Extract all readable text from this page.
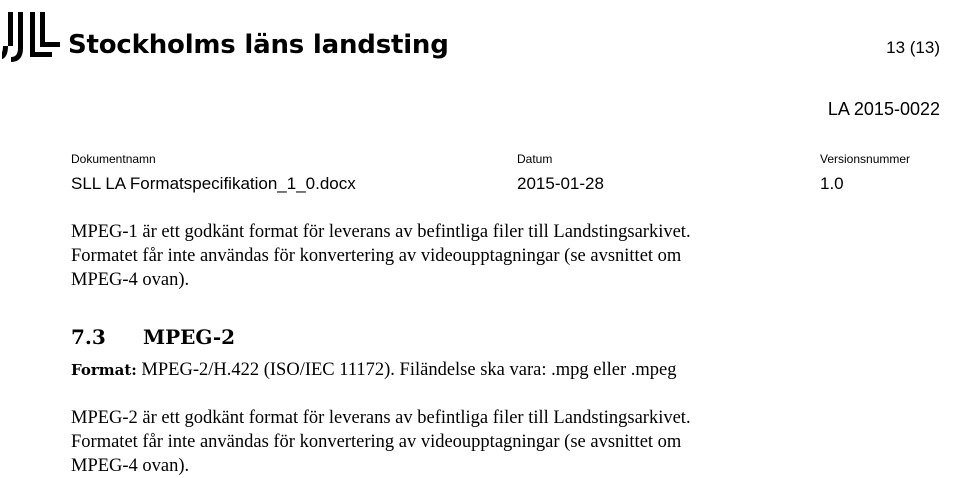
Stockholms läns landsting	13 (13)
LA 2015-0022
Dokumentnamn
SLL LA Formatspecifikation_1_0.docx
Datum
2015-01-28
Versionsnummer
1.0
MPEG-1 är ett godkänt format för leverans av befintliga filer till Landstingsarkivet.
Formatet får inte användas för konvertering av videoupptagningar (se avsnittet om
MPEG-4 ovan).
7.3 MPEG-2
Format: MPEG-2/H.422 (ISO/IEC 11172). Filändelse ska vara: .mpg eller .mpeg
MPEG-2 är ett godkänt format för leverans av befintliga filer till Landstingsarkivet.
Formatet får inte användas för konvertering av videoupptagningar (se avsnittet om
MPEG-4 ovan).
